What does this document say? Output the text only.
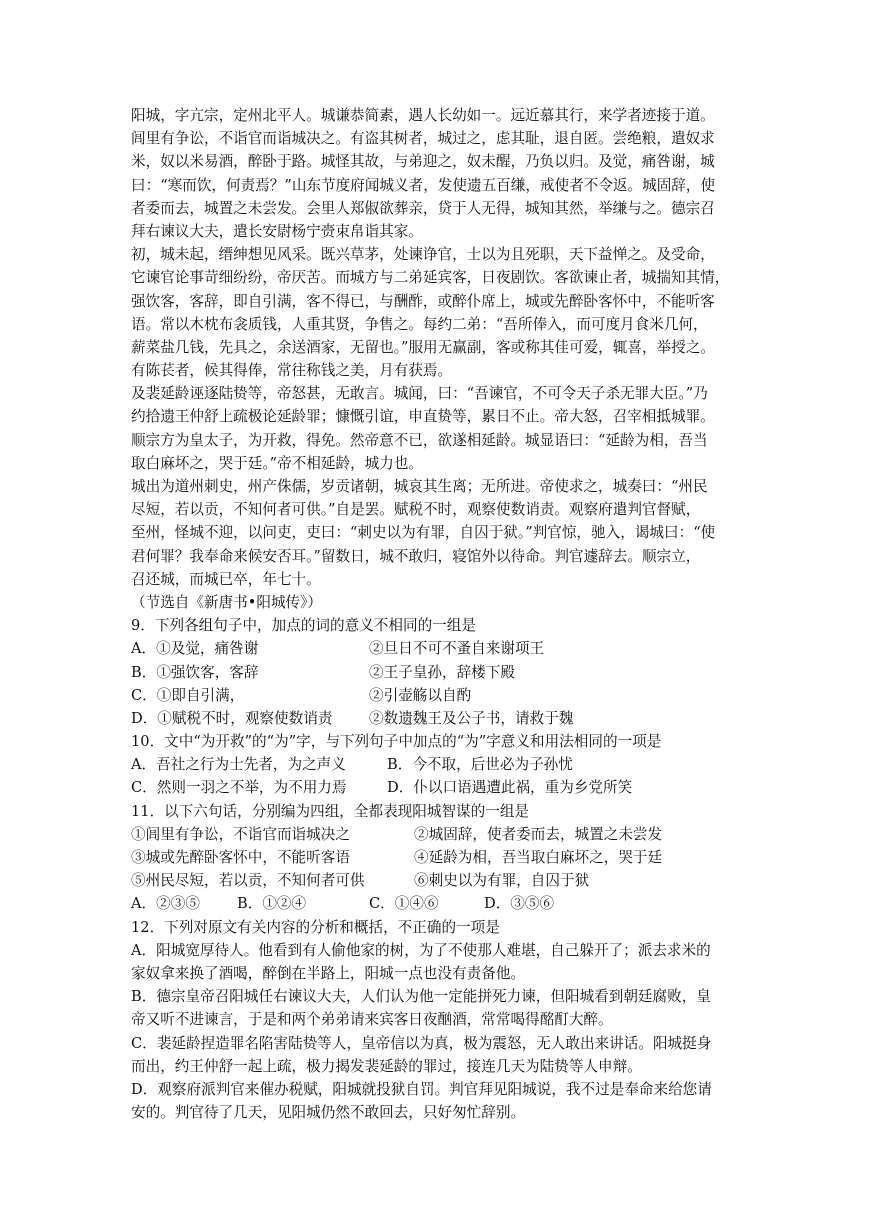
阳城，字亢宗，定州北平人。城谦恭简素，遇人长幼如一。远近慕其行，来学者迹接于道。
闾里有争讼，不诣官而诣城决之。有盗其树者，城过之，虑其耻，退自匿。尝绝粮，遣奴求
米，奴以米易酒，醉卧于路。城怪其故，与弟迎之，奴未醒，乃负以归。及觉，痛咎谢，城
曰：“寒而饮，何责焉？”山东节度府闻城义者，发使遗五百缣，戒使者不令返。城固辞，使
者委而去，城置之未尝发。会里人郑俶欲葬亲，贷于人无得，城知其然，举缣与之。德宗召
拜右谏议大夫，遣长安尉杨宁赍束帛诣其家。
初，城未起，缙绅想见风采。既兴草茅，处谏诤官，士以为且死职，天下益惮之。及受命，
它谏官论事苛细纷纷，帝厌苦。而城方与二弟延宾客，日夜剧饮。客欲谏止者，城揣知其情，
强饮客，客辞，即自引满，客不得已，与酬酢，或醉仆席上，城或先醉卧客怀中，不能听客
语。常以木枕布衾质钱，人重其贤，争售之。每约二弟：“吾所俸入，而可度月食米几何，
薪菜盐几钱，先具之，余送酒家，无留也。”服用无赢副，客或称其佳可爱，辄喜，举授之。
有陈苌者，候其得俸，常往称钱之美，月有获焉。
及裴延龄诬逐陆贽等，帝怒甚，无敢言。城闻，曰：“吾谏官，不可令天子杀无罪大臣。”乃
约拾遗王仲舒上疏极论延龄罪；慷慨引谊，申直贽等，累日不止。帝大怒，召宰相抵城罪。
顺宗方为皇太子，为开救，得免。然帝意不已，欲遂相延龄。城显语曰：“延龄为相，吾当
取白麻坏之，哭于廷。”帝不相延龄，城力也。
城出为道州刺史，州产侏儒，岁贡诸朝，城哀其生离；无所进。帝使求之，城奏曰：“州民
尽短，若以贡，不知何者可供。”自是罢。赋税不时，观察使数诮责。观察府遣判官督赋，
至州，怪城不迎，以问吏，吏曰：“刺史以为有罪，自囚于狱。”判官惊，驰入，谒城曰：“使
君何罪？我奉命来候安否耳。”留数日，城不敢归，寝馆外以待命。判官遽辞去。顺宗立，
召还城，而城已卒，年七十。
（节选自《新唐书•阳城传》）
9．下列各组句子中，加点的词的意义不相同的一组是
A．①及觉，痛咎谢	②旦日不可不蚤自来谢项王
B．①强饮客，客辞	②王子皇孙，辞楼下殿
C．①即自引满，	②引壶觞以自酌
D．①赋税不时，观察使数诮责	②数遗魏王及公子书，请救于魏
10．文中“为开救”的“为”字，与下列句子中加点的“为”字意义和用法相同的一项是
A．吾社之行为士先者，为之声义	B．今不取，后世必为子孙忧
C．然则一羽之不举，为不用力焉	D．仆以口语遇遭此祸，重为乡党所笑
11．以下六句话，分别编为四组，全都表现阳城智谋的一组是
①闾里有争讼，不诣官而诣城决之	②城固辞，使者委而去，城置之未尝发
③城或先醉卧客怀中，不能听客语	④延龄为相，吾当取白麻坏之，哭于廷
⑤州民尽短，若以贡，不知何者可供	⑥刺史以为有罪，自囚于狱
A．②③⑤	B．①②④	C．①④⑥	D．③⑤⑥
12．下列对原文有关内容的分析和概括，不正确的一项是
A．阳城宽厚待人。他看到有人偷他家的树，为了不使那人难堪，自己躲开了；派去求米的
家奴拿来换了酒喝，醉倒在半路上，阳城一点也没有责备他。
B．德宗皇帝召阳城任右谏议大夫，人们认为他一定能拼死力谏，但阳城看到朝廷腐败，皇
帝又听不进谏言，于是和两个弟弟请来宾客日夜酗酒，常常喝得酩酊大醉。
C．裴延龄捏造罪名陷害陆贽等人，皇帝信以为真，极为震怒，无人敢出来讲话。阳城挺身
而出，约王仲舒一起上疏，极力揭发裴延龄的罪过，接连几天为陆贽等人申辩。
D．观察府派判官来催办税赋，阳城就投狱自罚。判官拜见阳城说，我不过是奉命来给您请
安的。判官待了几天，见阳城仍然不敢回去，只好匆忙辞别。
